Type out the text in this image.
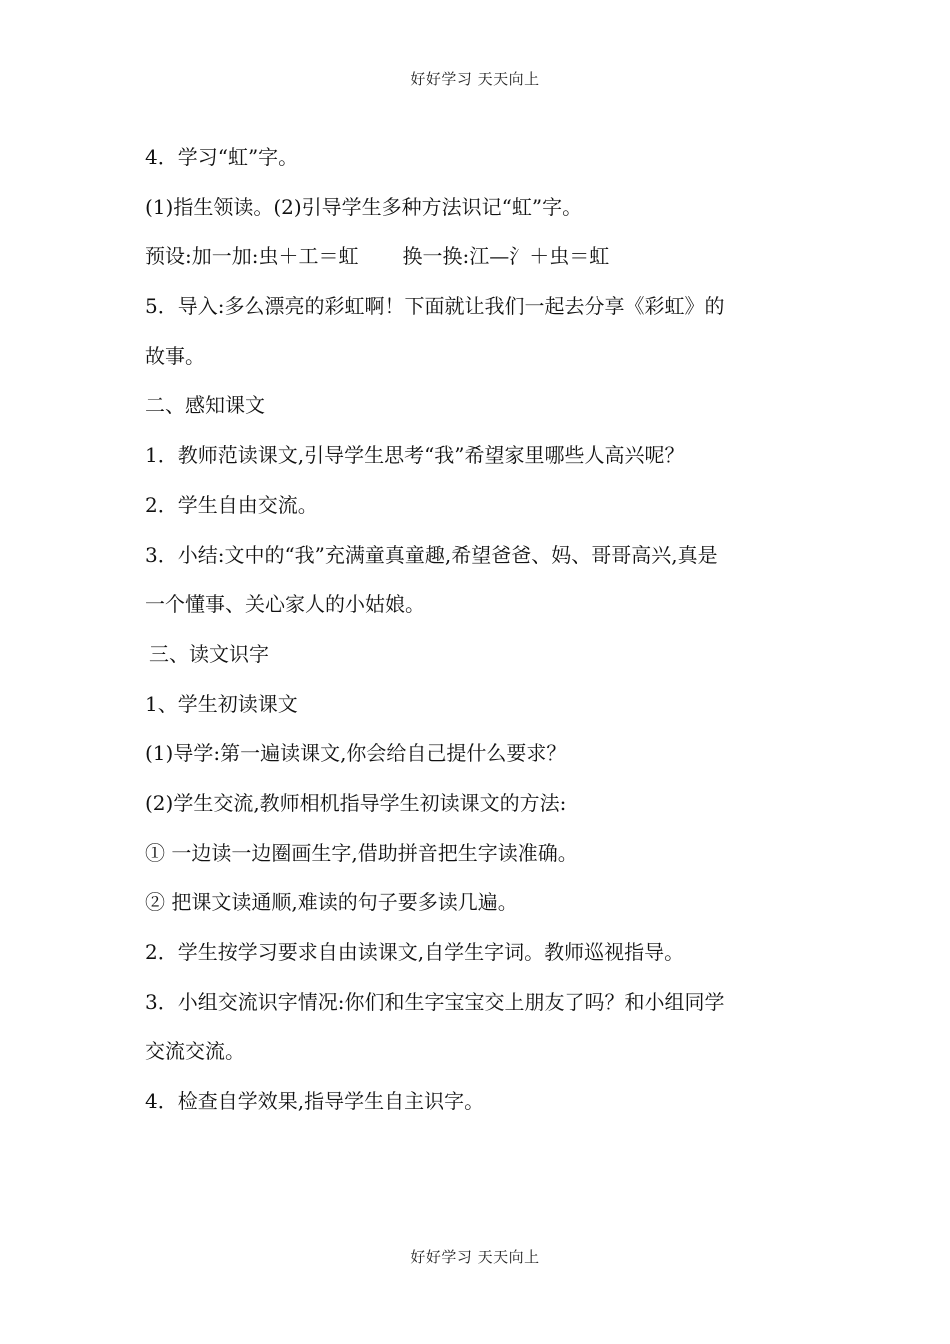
好好学习 天天向上
4．学习“虹”字。
(1)指生领读。(2)引导学生多种方法识记“虹”字。
预设:加一加:虫＋工＝虹 换一换:江—氵＋虫＝虹
5．导入:多么漂亮的彩虹啊！下面就让我们一起去分享《彩虹》的
故事。
二、感知课文
1．教师范读课文,引导学生思考“我”希望家里哪些人高兴呢？
2．学生自由交流。
3．小结:文中的“我”充满童真童趣,希望爸爸、妈、哥哥高兴,真是
一个懂事、关心家人的小姑娘。
三、读文识字
1、学生初读课文
(1)导学:第一遍读课文,你会给自己提什么要求？
(2)学生交流,教师相机指导学生初读课文的方法:
① 一边读一边圈画生字,借助拼音把生字读准确。
② 把课文读通顺,难读的句子要多读几遍。
2．学生按学习要求自由读课文,自学生字词。教师巡视指导。
3．小组交流识字情况:你们和生字宝宝交上朋友了吗？和小组同学
交流交流。
4．检查自学效果,指导学生自主识字。
好好学习 天天向上
